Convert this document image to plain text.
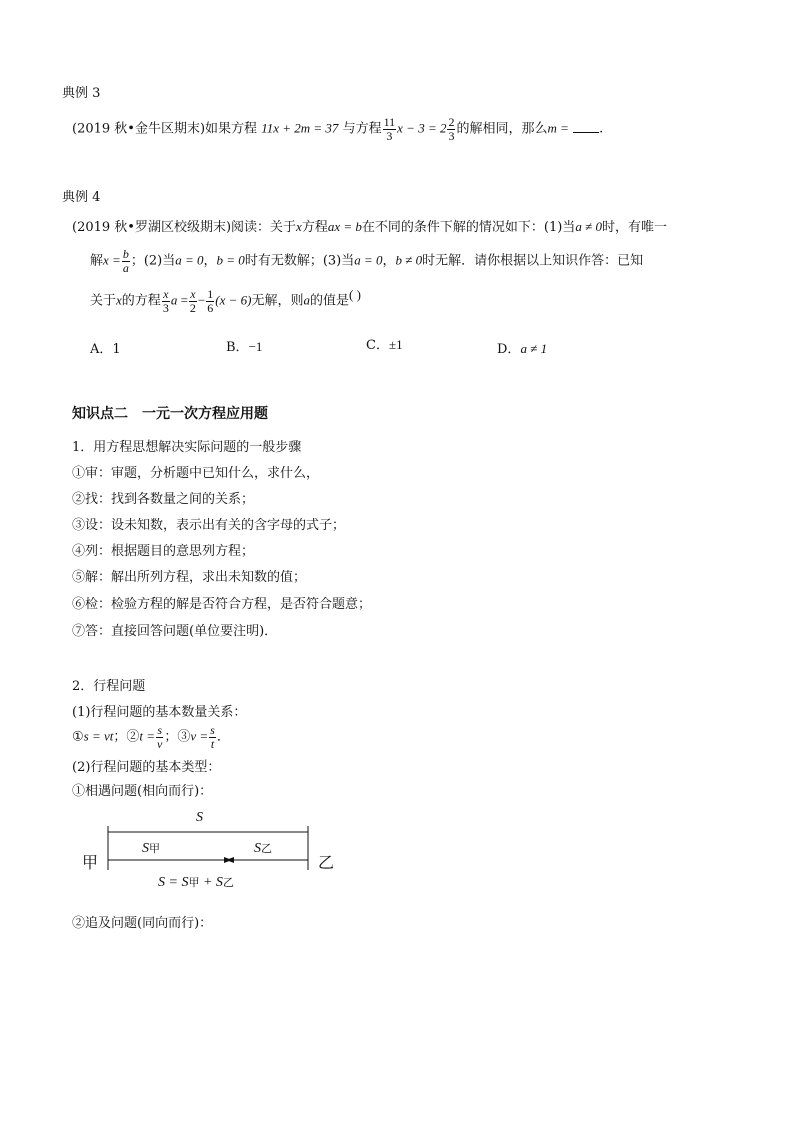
典例 3
(2019 秋•金牛区期末)如果方程 11x + 2m = 37 与方程 $\frac{11}{3}$ $x - 3 = 2 \frac{2}{3}$ 的解相同，那么m = .
典例 4
(2019 秋•罗湖区校级期末)阅读：关于x方程ax = b在不同的条件下解的情况如下：(1)当a ≠ 0时，有唯一
解$x = \frac{b}{a}$ ；(2)当a = 0，b = 0时有无数解；(3)当a = 0，b ≠ 0时无解．请你根据以上知识作答：已知
关于x的方程 $\frac{x}{3}$ $a = \frac{x}{2} - \frac{1}{6} (x - 6)$无解，则a的值是( )
A．1	B．−1	C．±1	D．a ≠ 1
知识点二　一元一次方程应用题
1．用方程思想解决实际问题的一般步骤
①审：审题，分析题中已知什么，求什么，
②找：找到各数量之间的关系；
③设：设未知数，表示出有关的含字母的式子；
④列：根据题目的意思列方程；
⑤解：解出所列方程，求出未知数的值；
⑥检：检验方程的解是否符合方程，是否符合题意；
⑦答：直接回答问题(单位要注明)．
2．行程问题
(1)行程问题的基本数量关系：
①s = vt；②t = $\frac{s}{v}$ ；③v = $\frac{s}{t}$ ．
(2)行程问题的基本类型：
①相遇问题(相向而行)：
甲	乙
S
S甲	S乙
S = S甲 + S乙
②追及问题(同向而行)：
